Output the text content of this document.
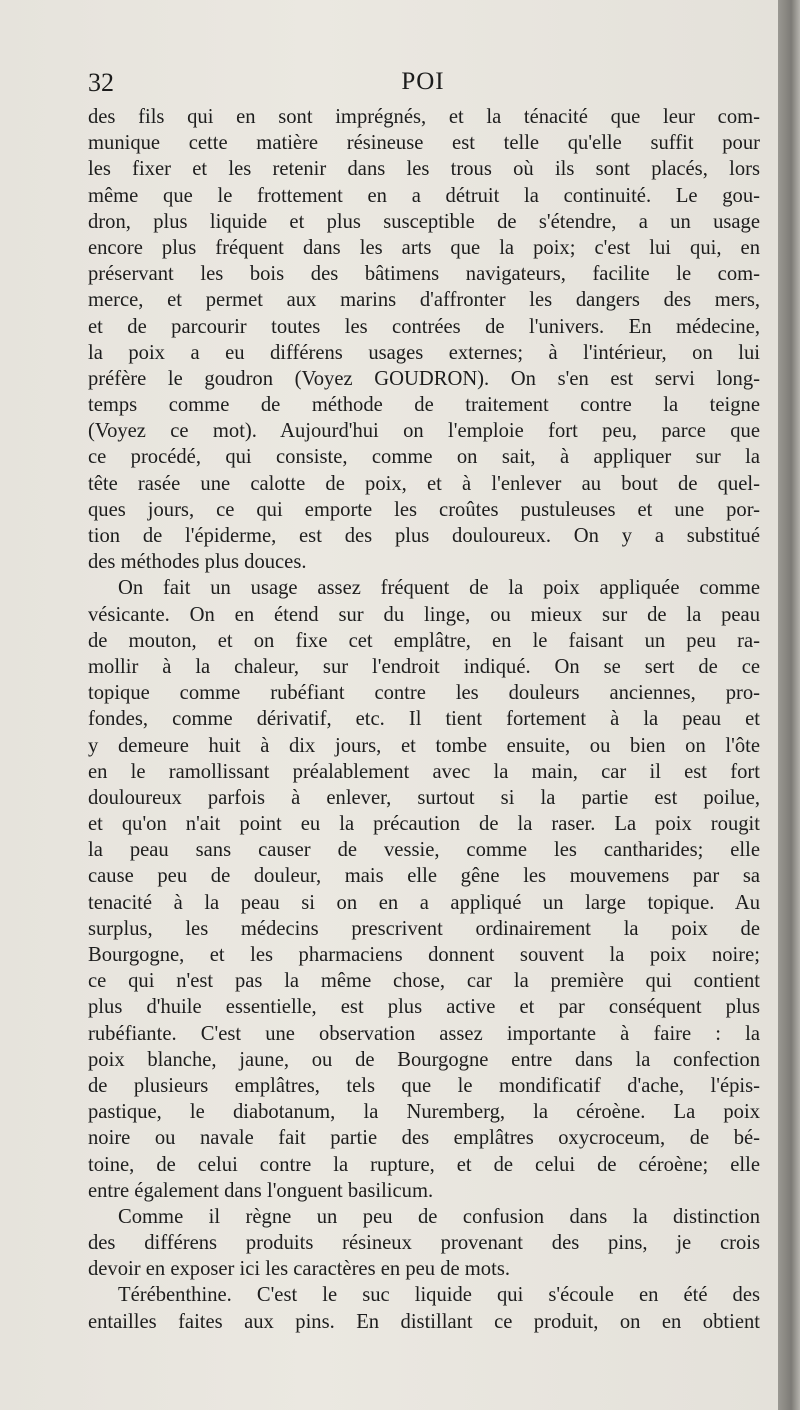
32	POI
des fils qui en sont imprégnés, et la ténacité que leur com-
munique cette matière résineuse est telle qu'elle suffit pour
les fixer et les retenir dans les trous où ils sont placés, lors
même que le frottement en a détruit la continuité. Le gou-
dron, plus liquide et plus susceptible de s'étendre, a un usage
encore plus fréquent dans les arts que la poix; c'est lui qui, en
préservant les bois des bâtimens navigateurs, facilite le com-
merce, et permet aux marins d'affronter les dangers des mers,
et de parcourir toutes les contrées de l'univers. En médecine,
la poix a eu différens usages externes; à l'intérieur, on lui
préfère le goudron (Voyez GOUDRON). On s'en est servi long-
temps comme de méthode de traitement contre la teigne
(Voyez ce mot). Aujourd'hui on l'emploie fort peu, parce que
ce procédé, qui consiste, comme on sait, à appliquer sur la
tête rasée une calotte de poix, et à l'enlever au bout de quel-
ques jours, ce qui emporte les croûtes pustuleuses et une por-
tion de l'épiderme, est des plus douloureux. On y a substitué
des méthodes plus douces.
On fait un usage assez fréquent de la poix appliquée comme
vésicante. On en étend sur du linge, ou mieux sur de la peau
de mouton, et on fixe cet emplâtre, en le faisant un peu ra-
mollir à la chaleur, sur l'endroit indiqué. On se sert de ce
topique comme rubéfiant contre les douleurs anciennes, pro-
fondes, comme dérivatif, etc. Il tient fortement à la peau et
y demeure huit à dix jours, et tombe ensuite, ou bien on l'ôte
en le ramollissant préalablement avec la main, car il est fort
douloureux parfois à enlever, surtout si la partie est poilue,
et qu'on n'ait point eu la précaution de la raser. La poix rougit
la peau sans causer de vessie, comme les cantharides; elle
cause peu de douleur, mais elle gêne les mouvemens par sa
tenacité à la peau si on en a appliqué un large topique. Au
surplus, les médecins prescrivent ordinairement la poix de
Bourgogne, et les pharmaciens donnent souvent la poix noire;
ce qui n'est pas la même chose, car la première qui contient
plus d'huile essentielle, est plus active et par conséquent plus
rubéfiante. C'est une observation assez importante à faire : la
poix blanche, jaune, ou de Bourgogne entre dans la confection
de plusieurs emplâtres, tels que le mondificatif d'ache, l'épis-
pastique, le diabotanum, la Nuremberg, la céroène. La poix
noire ou navale fait partie des emplâtres oxycroceum, de bé-
toine, de celui contre la rupture, et de celui de céroène; elle
entre également dans l'onguent basilicum.
Comme il règne un peu de confusion dans la distinction
des différens produits résineux provenant des pins, je crois
devoir en exposer ici les caractères en peu de mots.
Térébenthine. C'est le suc liquide qui s'écoule en été des
entailles faites aux pins. En distillant ce produit, on en obtient
